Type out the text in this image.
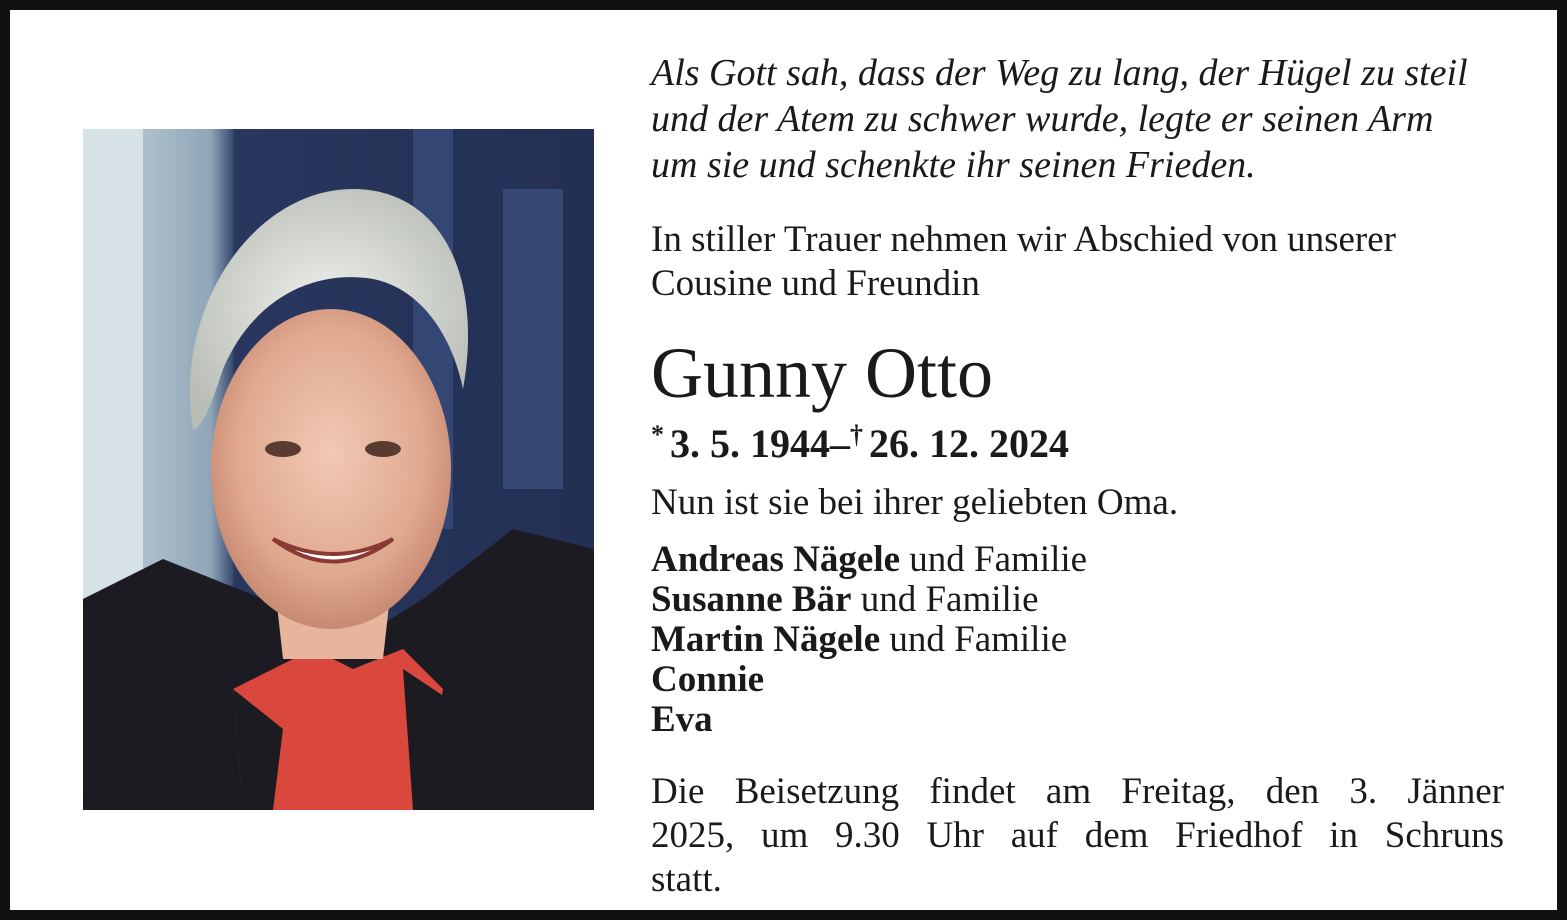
Als Gott sah, dass der Weg zu lang, der Hügel zu steil
und der Atem zu schwer wurde, legte er seinen Arm
um sie und schenkte ihr seinen Frieden.

In stiller Trauer nehmen wir Abschied von unserer
Cousine und Freundin

Gunny Otto
* 3. 5. 1944–† 26. 12. 2024

Nun ist sie bei ihrer geliebten Oma.

Andreas Nägele und Familie
Susanne Bär und Familie
Martin Nägele und Familie
Connie
Eva

Die Beisetzung findet am Freitag, den 3. Jänner
2025, um 9.30 Uhr auf dem Friedhof in Schruns
statt.
